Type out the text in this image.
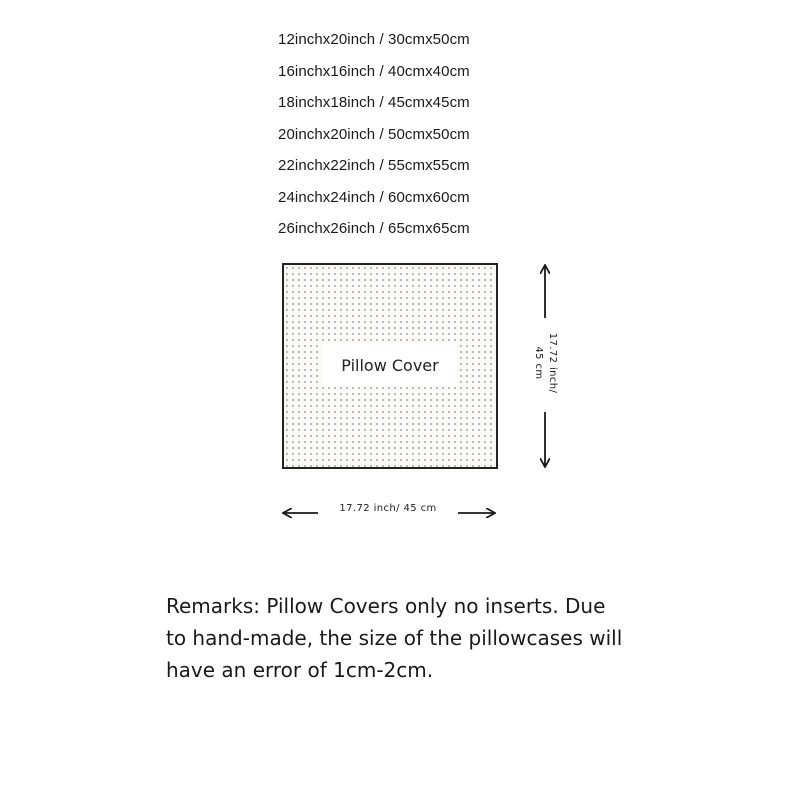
12inchx20inch / 30cmx50cm
16inchx16inch / 40cmx40cm
18inchx18inch / 45cmx45cm
20inchx20inch / 50cmx50cm
22inchx22inch / 55cmx55cm
24inchx24inch / 60cmx60cm
26inchx26inch / 65cmx65cm
Pillow Cover
17.72 inch/ 45 cm
17.72 inch/
45 cm

Remarks: Pillow Covers only no inserts. Due
to hand-made, the size of the pillowcases will
have an error of 1cm-2cm.
